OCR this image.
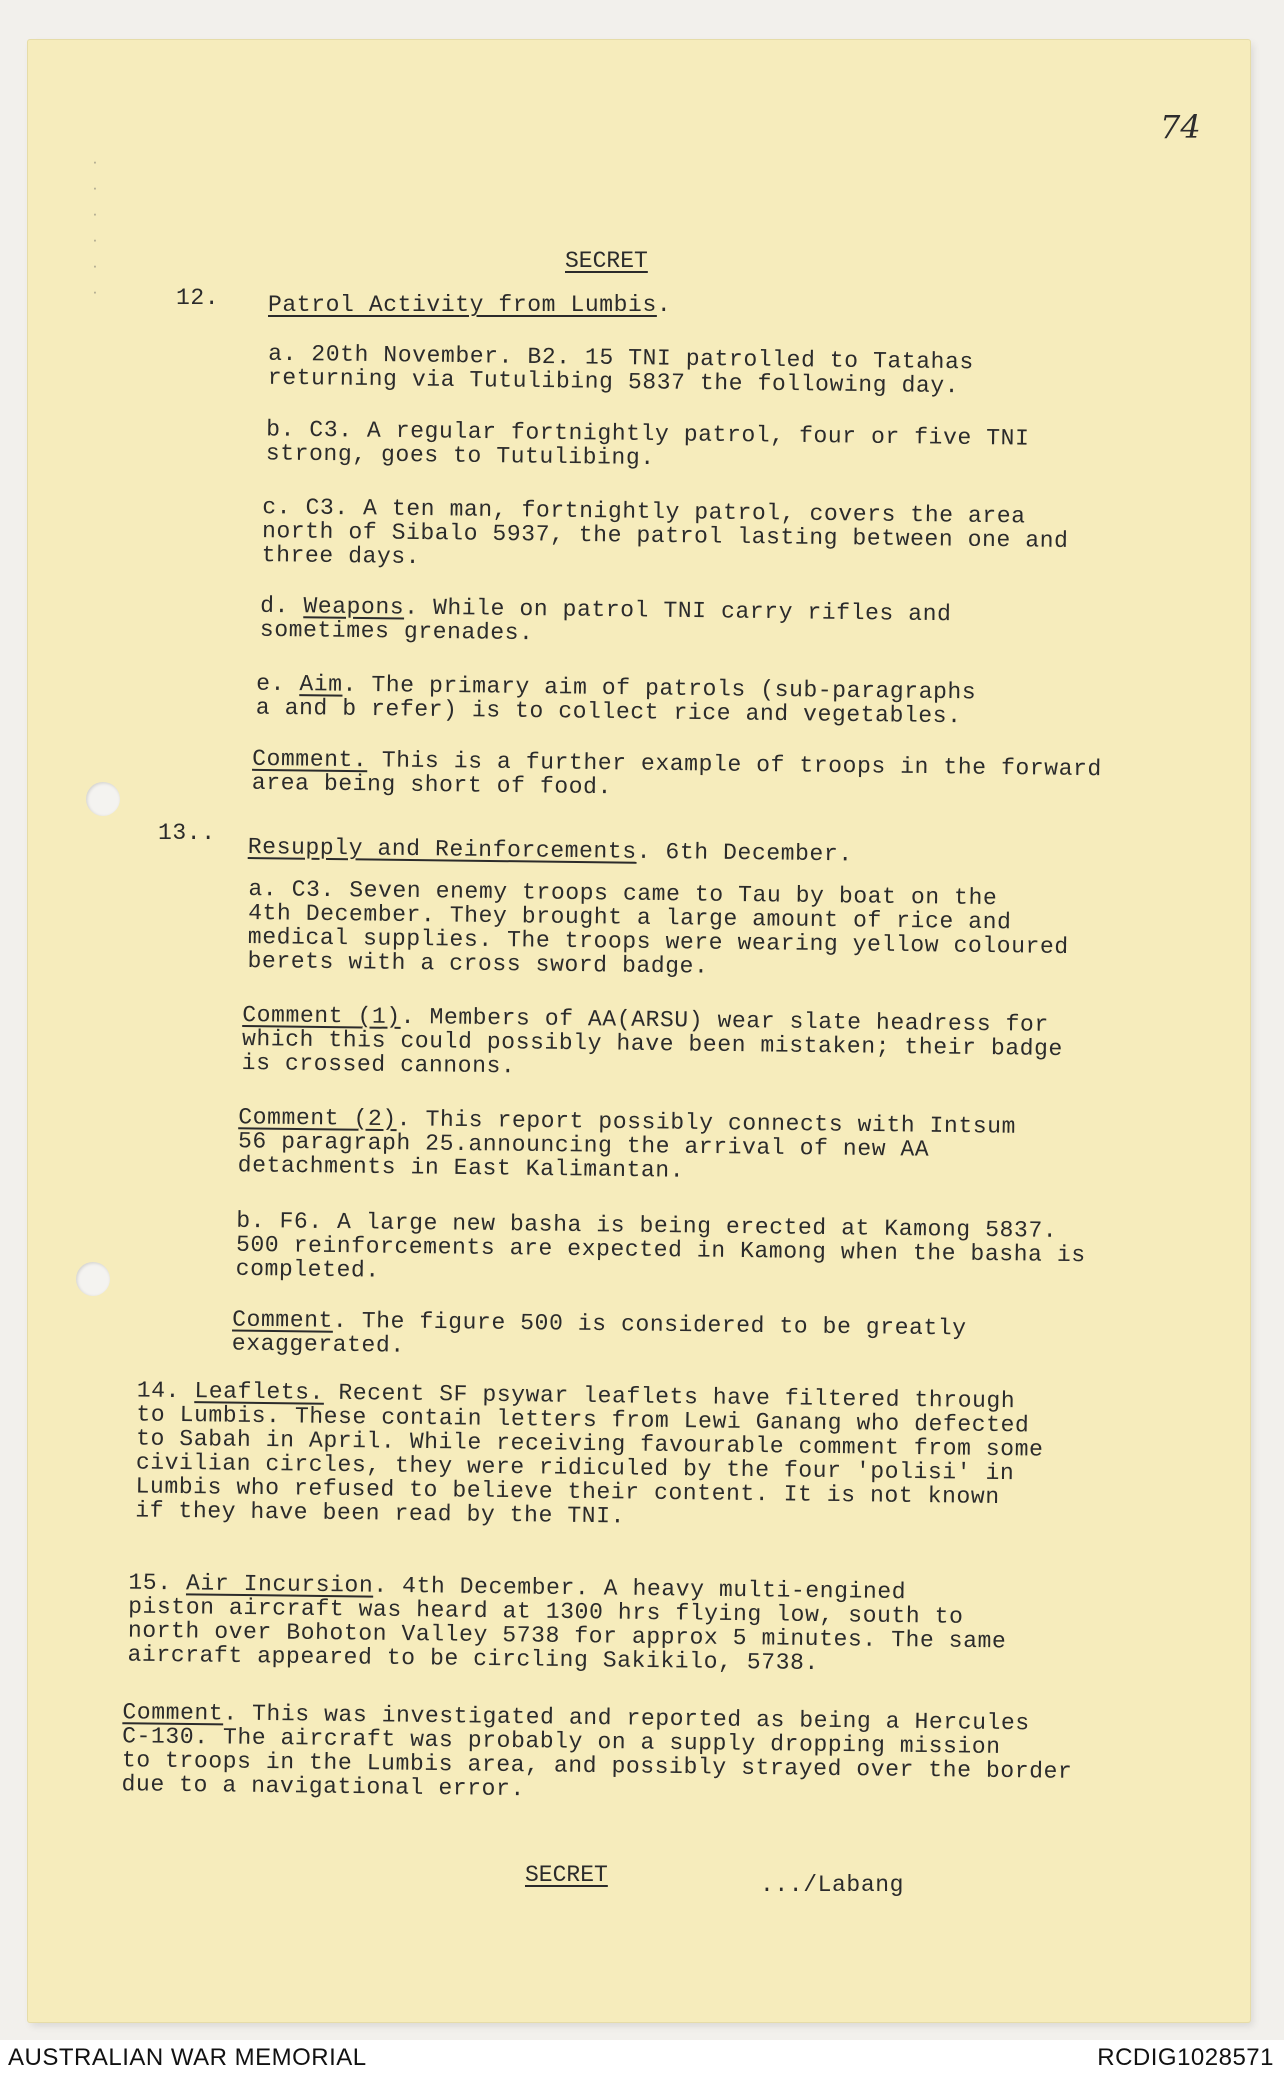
· ·
·
·
·
·
74
SECRET
12. Patrol Activity from Lumbis.
a. 20th November. B2. 15 TNI patrolled to Tatahas
returning via Tutulibing 5837 the following day.
b. C3. A regular fortnightly patrol, four or five TNI
strong, goes to Tutulibing.
c. C3. A ten man, fortnightly patrol, covers the area
north of Sibalo 5937, the patrol lasting between one and
three days.
d. Weapons. While on patrol TNI carry rifles and
sometimes grenades.
e. Aim. The primary aim of patrols (sub-paragraphs
a and b refer) is to collect rice and vegetables.
Comment. This is a further example of troops in the forward
area being short of food.
13..
Resupply and Reinforcements. 6th December.
a. C3. Seven enemy troops came to Tau by boat on the
4th December. They brought a large amount of rice and
medical supplies. The troops were wearing yellow coloured
berets with a cross sword badge.
Comment (1). Members of AA(ARSU) wear slate headress for
which this could possibly have been mistaken; their badge
is crossed cannons.
Comment (2). This report possibly connects with Intsum
56 paragraph 25.announcing the arrival of new AA
detachments in East Kalimantan.
b. F6. A large new basha is being erected at Kamong 5837.
500 reinforcements are expected in Kamong when the basha is
completed.
Comment. The figure 500 is considered to be greatly
exaggerated.
14. Leaflets. Recent SF psywar leaflets have filtered through
to Lumbis. These contain letters from Lewi Ganang who defected
to Sabah in April. While receiving favourable comment from some
civilian circles, they were ridiculed by the four 'polisi' in
Lumbis who refused to believe their content. It is not known
if they have been read by the TNI.
15. Air Incursion. 4th December. A heavy multi-engined
piston aircraft was heard at 1300 hrs flying low, south to
north over Bohoton Valley 5738 for approx 5 minutes. The same
aircraft appeared to be circling Sakikilo, 5738.
Comment. This was investigated and reported as being a Hercules
C-130. The aircraft was probably on a supply dropping mission
to troops in the Lumbis area, and possibly strayed over the border
due to a navigational error.
SECRET	.../Labang
AUSTRALIAN WAR MEMORIAL	RCDIG1028571
